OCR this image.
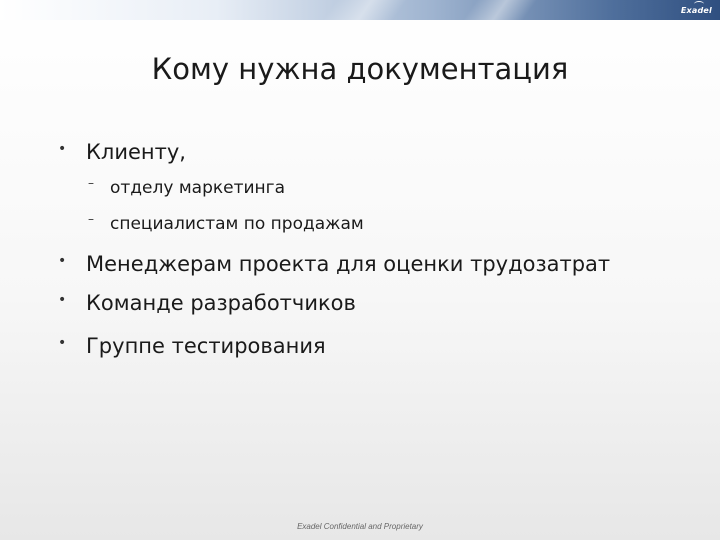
Exadel
Кому нужна документация
• Клиенту,
– отделу маркетинга
– специалистам по продажам
• Менеджерам проекта для оценки трудозатрат
• Команде разработчиков
• Группе тестирования
Exadel Confidential and Proprietary
